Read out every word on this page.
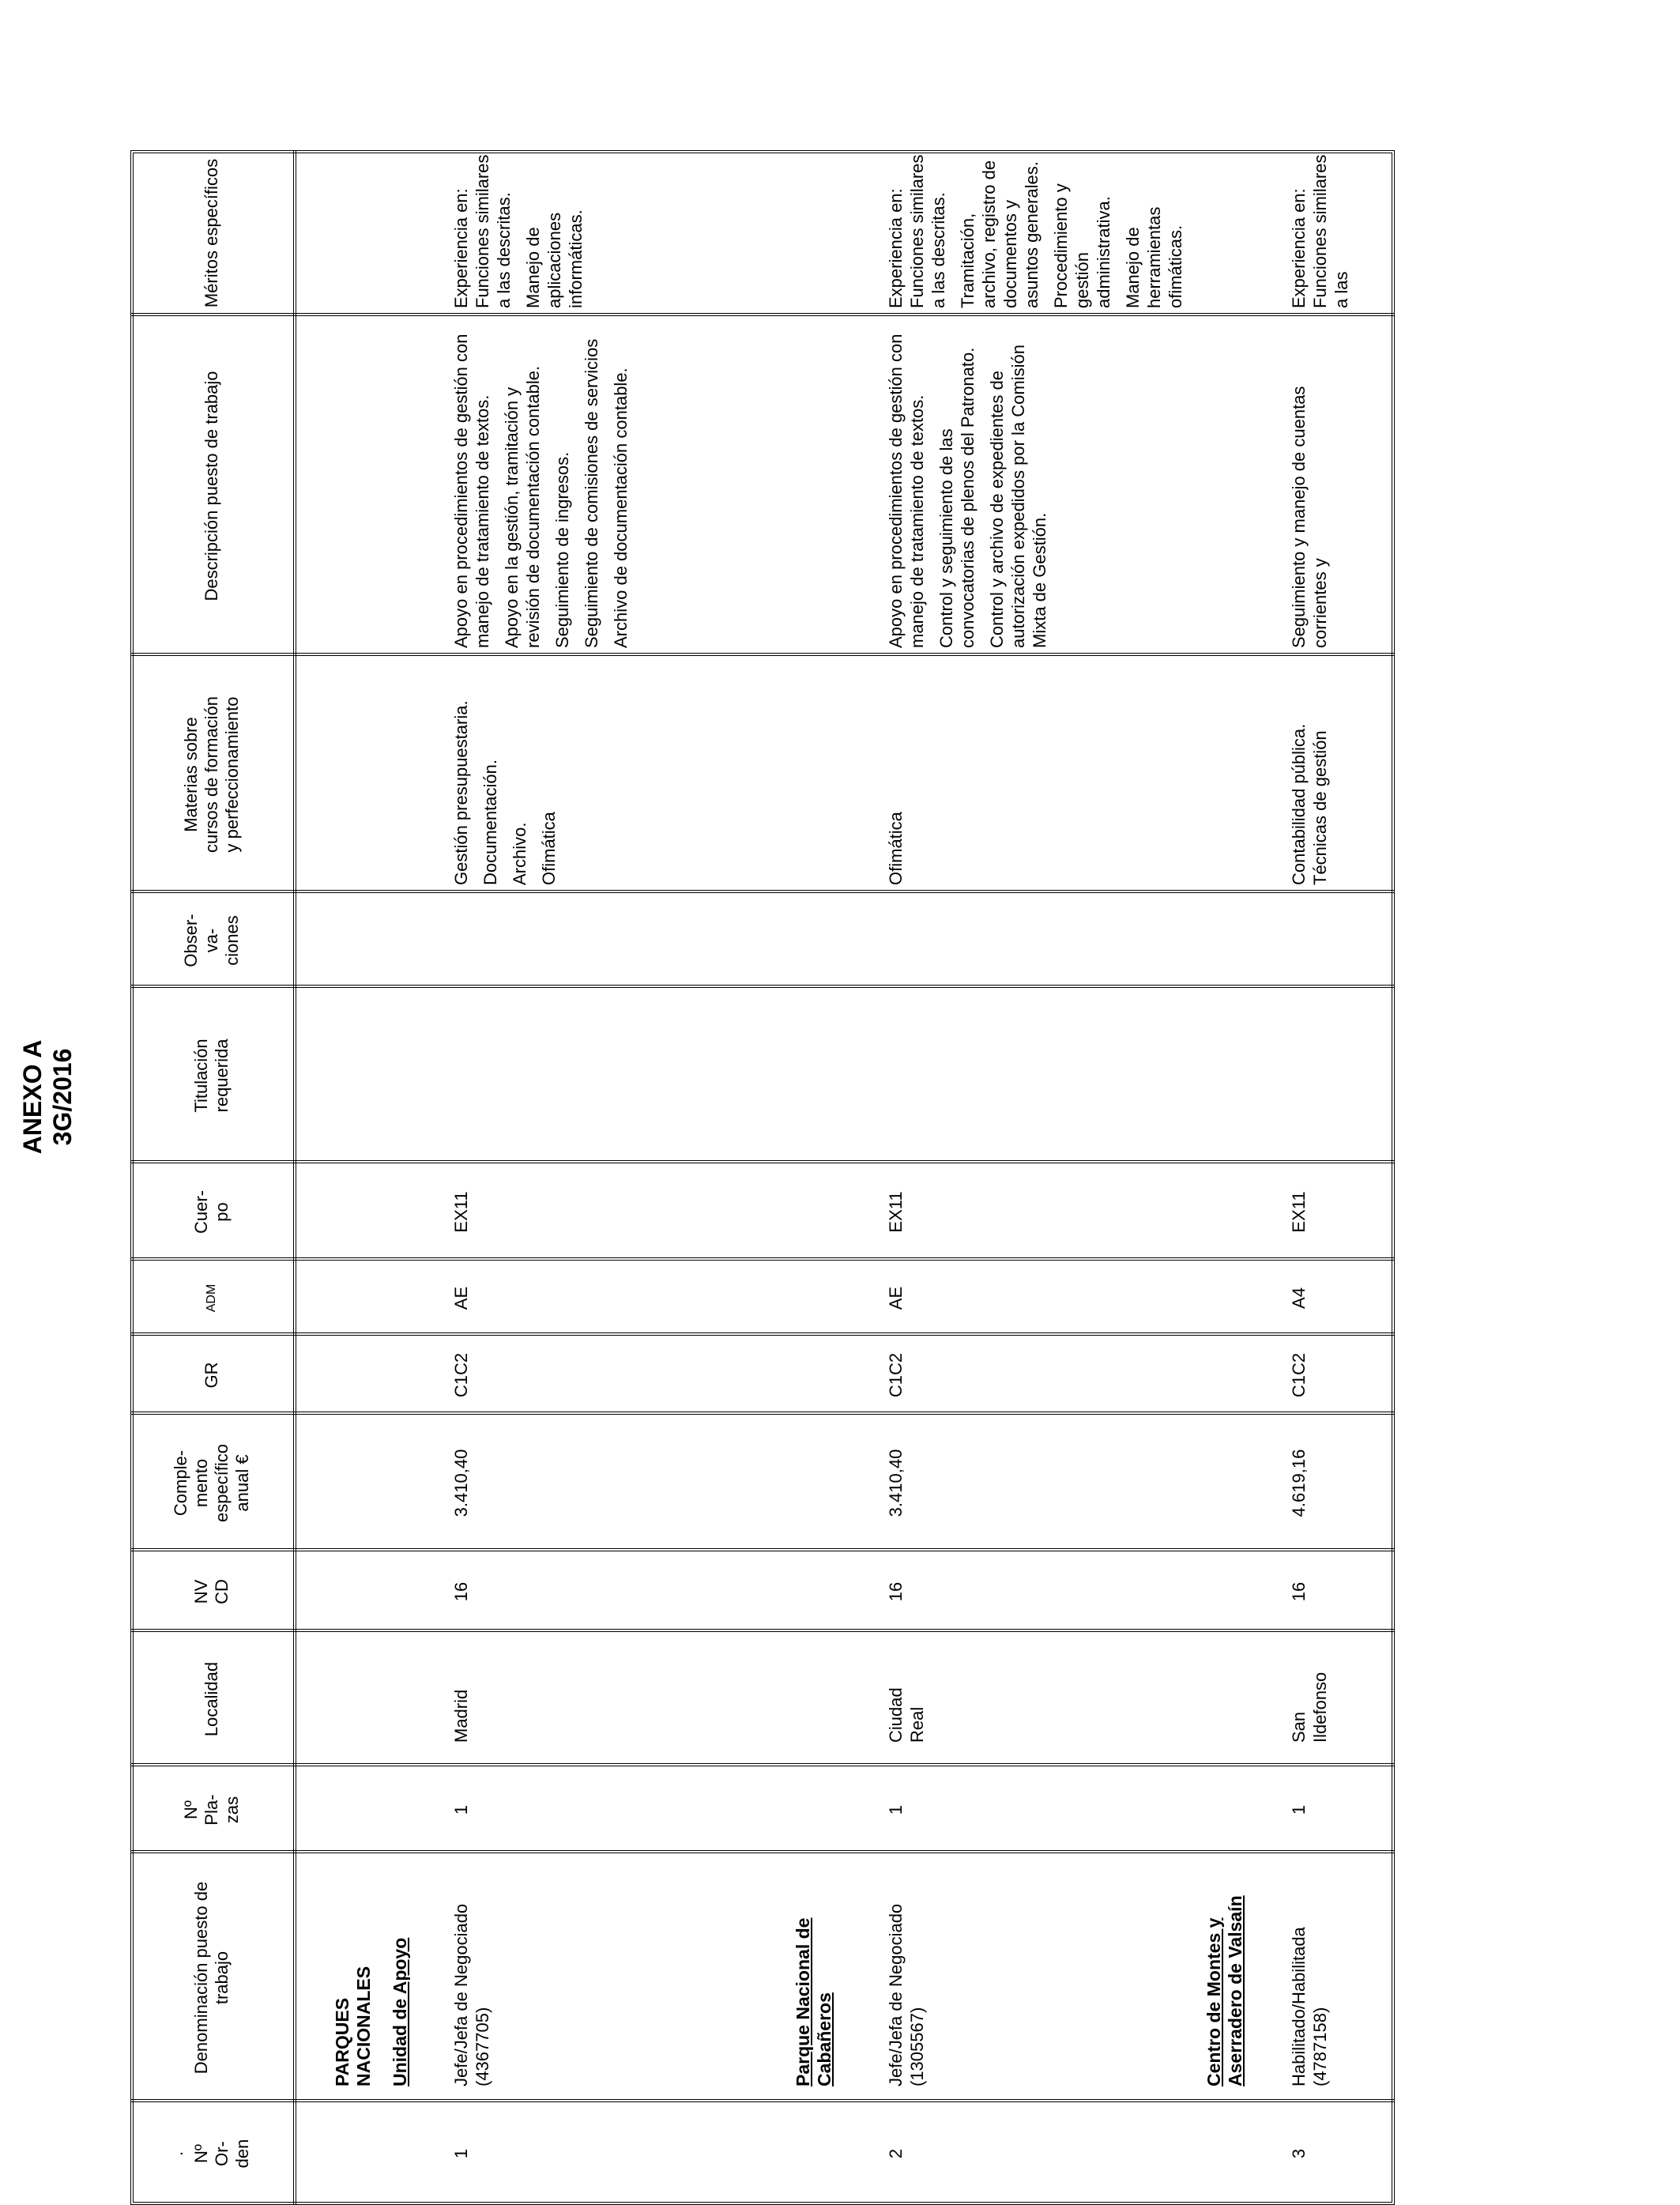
ANEXO A 3G/2016
· Nº Or- den
Denominación puesto de trabajo
Nº Pla- zas
Localidad
NV CD
Comple- mento específico anual €
GR
ADM
Cuer- po
Titulación requerida
Obser- va- ciones
Materias sobre cursos de formación y perfeccionamiento
Descripción puesto de trabajo
Méritos específicos
PARQUES NACIONALES Unidad de Apoyo	Parque Nacional de Cabañeros	Centro de Montes y Aserradero de Valsaín
1
Jefe/Jefa de Negociado (4367705)
1
Madrid
16
3.410,40
C1C2
AE
EX11

Gestión presupuestaria. Documentación. Archivo. Ofimática

Apoyo en procedimientos de gestión con manejo de tratamiento de textos. Apoyo en la gestión, tramitación y revisión de documentación contable. Seguimiento de ingresos. Seguimiento de comisiones de servicios Archivo de documentación contable.

Experiencia en: Funciones similares a las descritas. Manejo de aplicaciones informáticas.

2
Jefe/Jefa de Negociado (1305567)
1
Ciudad Real
16
3.410,40
C1C2
AE
EX11

Ofimática

Apoyo en procedimientos de gestión con manejo de tratamiento de textos. Control y seguimiento de las convocatorias de plenos del Patronato. Control y archivo de expedientes de autorización expedidos por la Comisión Mixta de Gestión.

Experiencia en: Funciones similares a las descritas. Tramitación, archivo, registro de documentos y asuntos generales. Procedimiento y gestión administrativa. Manejo de herramientas ofimáticas.

3
Habilitado/Habilitada (4787158)
1
San Ildefonso
16
4.619,16
C1C2
A4
EX11
Contabilidad pública. Técnicas de gestión
Seguimiento y manejo de cuentas corrientes y
Experiencia en: Funciones similares a las
